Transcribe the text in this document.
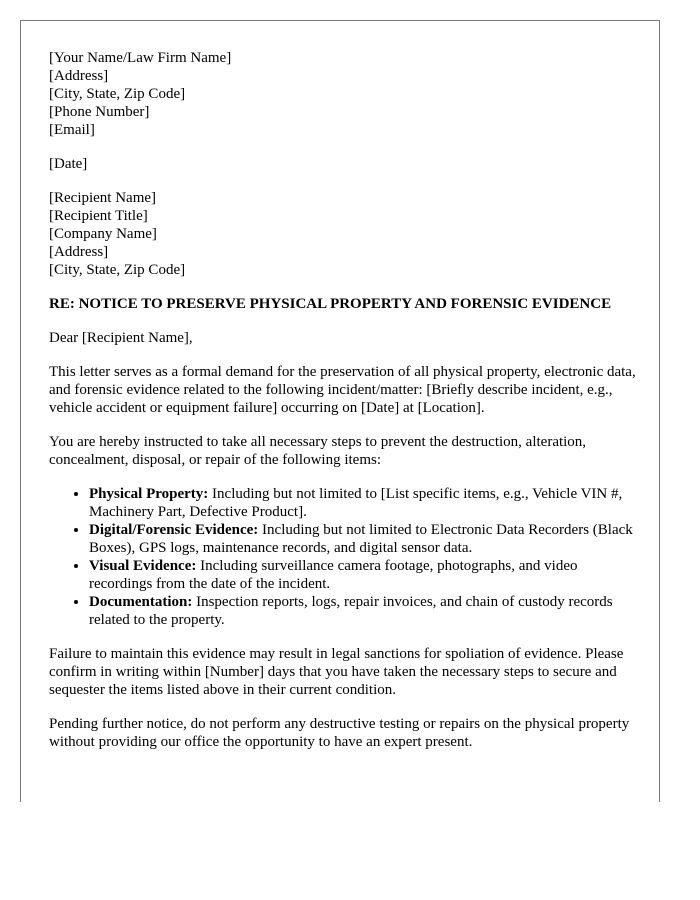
[Your Name/Law Firm Name]
[Address]
[City, State, Zip Code]
[Phone Number]
[Email]
[Date]
[Recipient Name]
[Recipient Title]
[Company Name]
[Address]
[City, State, Zip Code]

RE: NOTICE TO PRESERVE PHYSICAL PROPERTY AND FORENSIC EVIDENCE

Dear [Recipient Name],

This letter serves as a formal demand for the preservation of all physical property, electronic data, and forensic evidence related to the following incident/matter: [Briefly describe incident, e.g., vehicle accident or equipment failure] occurring on [Date] at [Location].

You are hereby instructed to take all necessary steps to prevent the destruction, alteration, concealment, disposal, or repair of the following items:

• Physical Property: Including but not limited to [List specific items, e.g., Vehicle VIN #, Machinery Part, Defective Product].
• Digital/Forensic Evidence: Including but not limited to Electronic Data Recorders (Black Boxes), GPS logs, maintenance records, and digital sensor data.
• Visual Evidence: Including surveillance camera footage, photographs, and video recordings from the date of the incident.
• Documentation: Inspection reports, logs, repair invoices, and chain of custody records related to the property.

Failure to maintain this evidence may result in legal sanctions for spoliation of evidence. Please confirm in writing within [Number] days that you have taken the necessary steps to secure and sequester the items listed above in their current condition.

Pending further notice, do not perform any destructive testing or repairs on the physical property without providing our office the opportunity to have an expert present.
